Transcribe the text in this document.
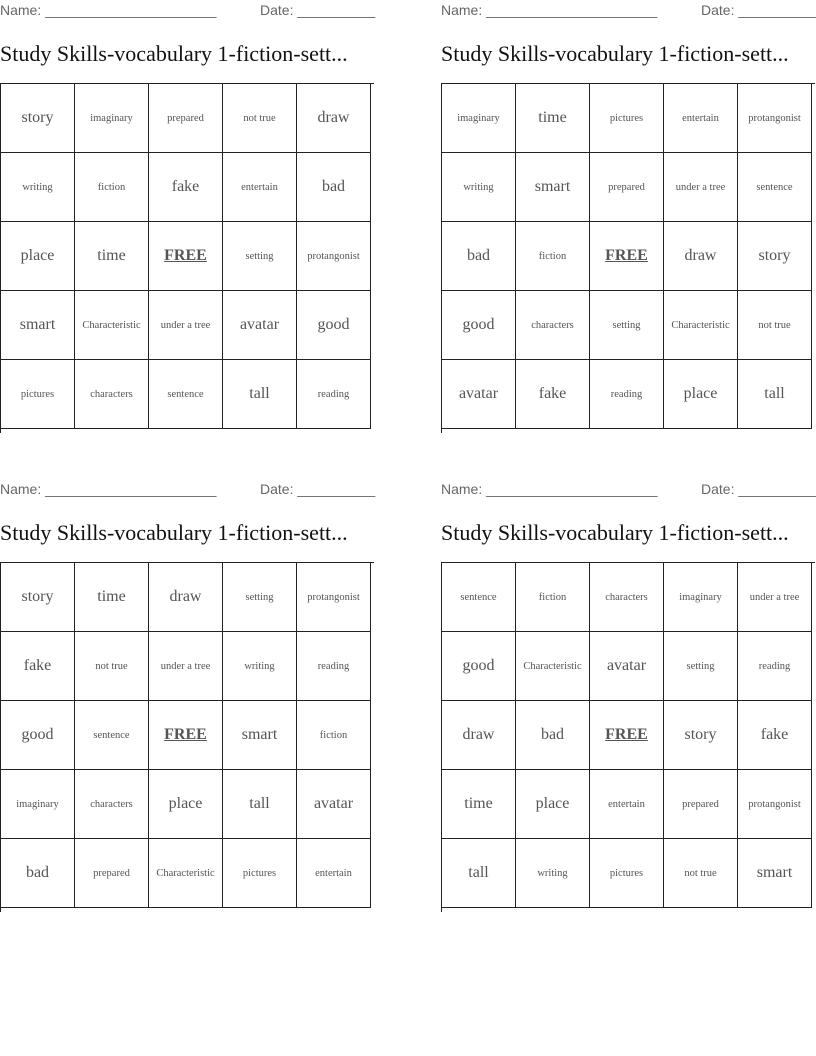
Name: ______________________	Date: __________
Study Skills-vocabulary 1-fiction-sett...
story	imaginary	prepared	not true	draw
writing	fiction	fake	entertain	bad
place	time	FREE	setting	protangonist
smart	Characteristic	under a tree	avatar	good
pictures	characters	sentence	tall	reading
Name: ______________________	Date: __________
Study Skills-vocabulary 1-fiction-sett...
imaginary	time	pictures	entertain	protangonist
writing	smart	prepared	under a tree	sentence
bad	fiction	FREE	draw	story
good	characters	setting	Characteristic	not true
avatar	fake	reading	place	tall
Name: ______________________	Date: __________
Study Skills-vocabulary 1-fiction-sett...
story	time	draw	setting	protangonist
fake	not true	under a tree	writing	reading
good	sentence	FREE	smart	fiction
imaginary	characters	place	tall	avatar
bad	prepared	Characteristic	pictures	entertain
Name: ______________________	Date: __________
Study Skills-vocabulary 1-fiction-sett...
sentence	fiction	characters	imaginary	under a tree
good	Characteristic	avatar	setting	reading
draw	bad	FREE	story	fake
time	place	entertain	prepared	protangonist
tall	writing	pictures	not true	smart
